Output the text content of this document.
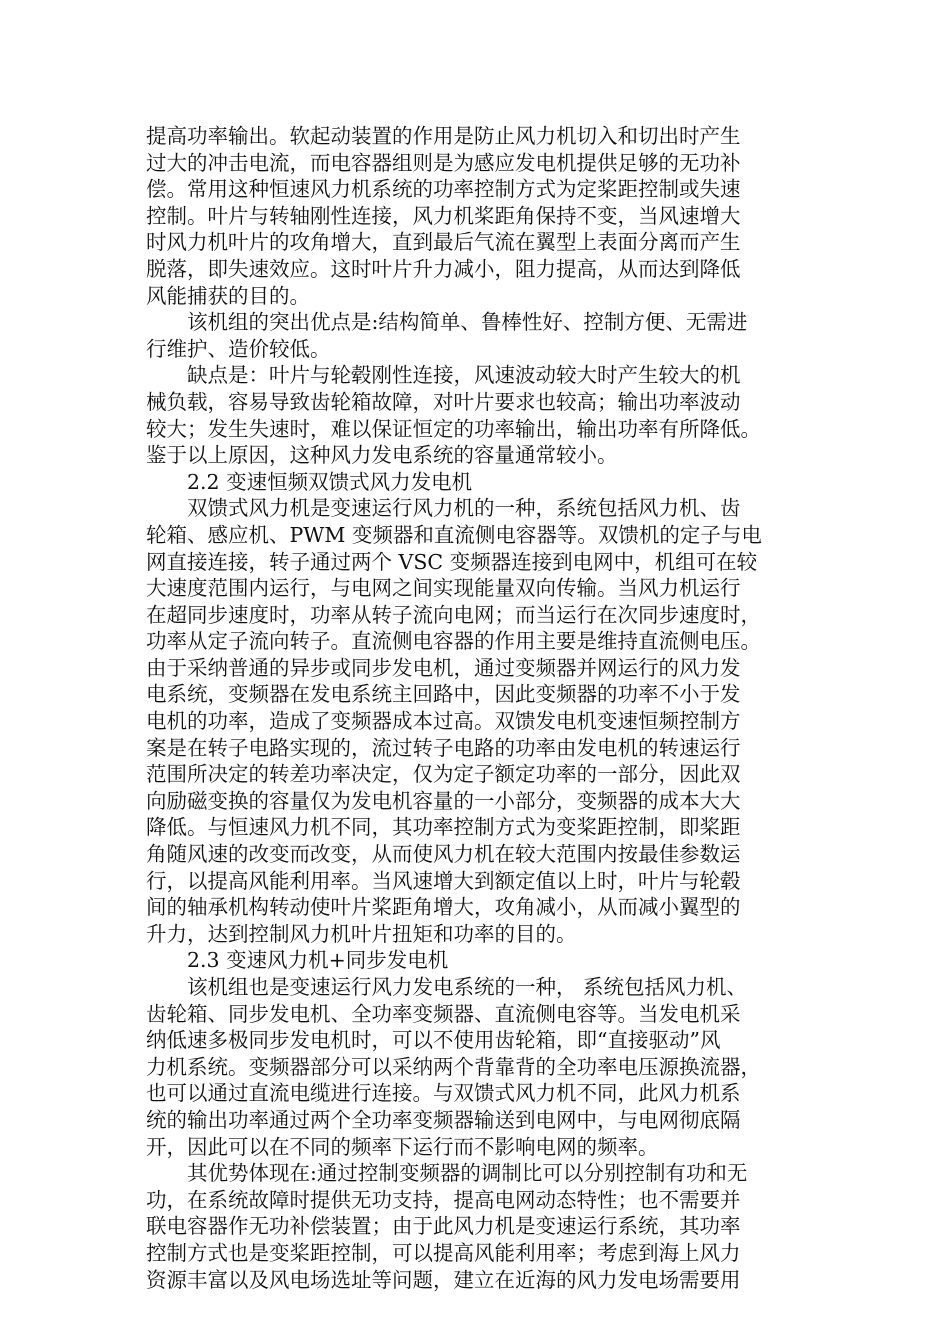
提高功率输出。软起动装置的作用是防止风力机切入和切出时产生
过大的冲击电流，而电容器组则是为感应发电机提供足够的无功补
偿。常用这种恒速风力机系统的功率控制方式为定桨距控制或失速
控制。叶片与转轴刚性连接，风力机桨距角保持不变，当风速增大
时风力机叶片的攻角增大，直到最后气流在翼型上表面分离而产生
脱落，即失速效应。这时叶片升力减小，阻力提高，从而达到降低
风能捕获的目的。
该机组的突出优点是:结构简单、鲁棒性好、控制方便、无需进
行维护、造价较低。
缺点是：叶片与轮毂刚性连接，风速波动较大时产生较大的机
械负载，容易导致齿轮箱故障，对叶片要求也较高；输出功率波动
较大；发生失速时，难以保证恒定的功率输出，输出功率有所降低。
鉴于以上原因，这种风力发电系统的容量通常较小。
2.2 变速恒频双馈式风力发电机
双馈式风力机是变速运行风力机的一种，系统包括风力机、齿
轮箱、感应机、PWM 变频器和直流侧电容器等。双馈机的定子与电
网直接连接，转子通过两个 VSC 变频器连接到电网中，机组可在较
大速度范围内运行，与电网之间实现能量双向传输。当风力机运行
在超同步速度时，功率从转子流向电网；而当运行在次同步速度时，
功率从定子流向转子。直流侧电容器的作用主要是维持直流侧电压。
由于采纳普通的异步或同步发电机，通过变频器并网运行的风力发
电系统，变频器在发电系统主回路中，因此变频器的功率不小于发
电机的功率，造成了变频器成本过高。双馈发电机变速恒频控制方
案是在转子电路实现的，流过转子电路的功率由发电机的转速运行
范围所决定的转差功率决定，仅为定子额定功率的一部分，因此双
向励磁变换的容量仅为发电机容量的一小部分，变频器的成本大大
降低。与恒速风力机不同，其功率控制方式为变桨距控制，即桨距
角随风速的改变而改变，从而使风力机在较大范围内按最佳参数运
行，以提高风能利用率。当风速增大到额定值以上时，叶片与轮毂
间的轴承机构转动使叶片桨距角增大，攻角减小，从而减小翼型的
升力，达到控制风力机叶片扭矩和功率的目的。
2.3 变速风力机+同步发电机
该机组也是变速运行风力发电系统的一种， 系统包括风力机、
齿轮箱、同步发电机、全功率变频器、直流侧电容等。当发电机采
纳低速多极同步发电机时，可以不使用齿轮箱，即“直接驱动”风
力机系统。变频器部分可以采纳两个背靠背的全功率电压源换流器，
也可以通过直流电缆进行连接。与双馈式风力机不同，此风力机系
统的输出功率通过两个全功率变频器输送到电网中，与电网彻底隔
开，因此可以在不同的频率下运行而不影响电网的频率。
其优势体现在:通过控制变频器的调制比可以分别控制有功和无
功，在系统故障时提供无功支持，提高电网动态特性；也不需要并
联电容器作无功补偿装置；由于此风力机是变速运行系统，其功率
控制方式也是变桨距控制，可以提高风能利用率；考虑到海上风力
资源丰富以及风电场选址等问题，建立在近海的风力发电场需要用
